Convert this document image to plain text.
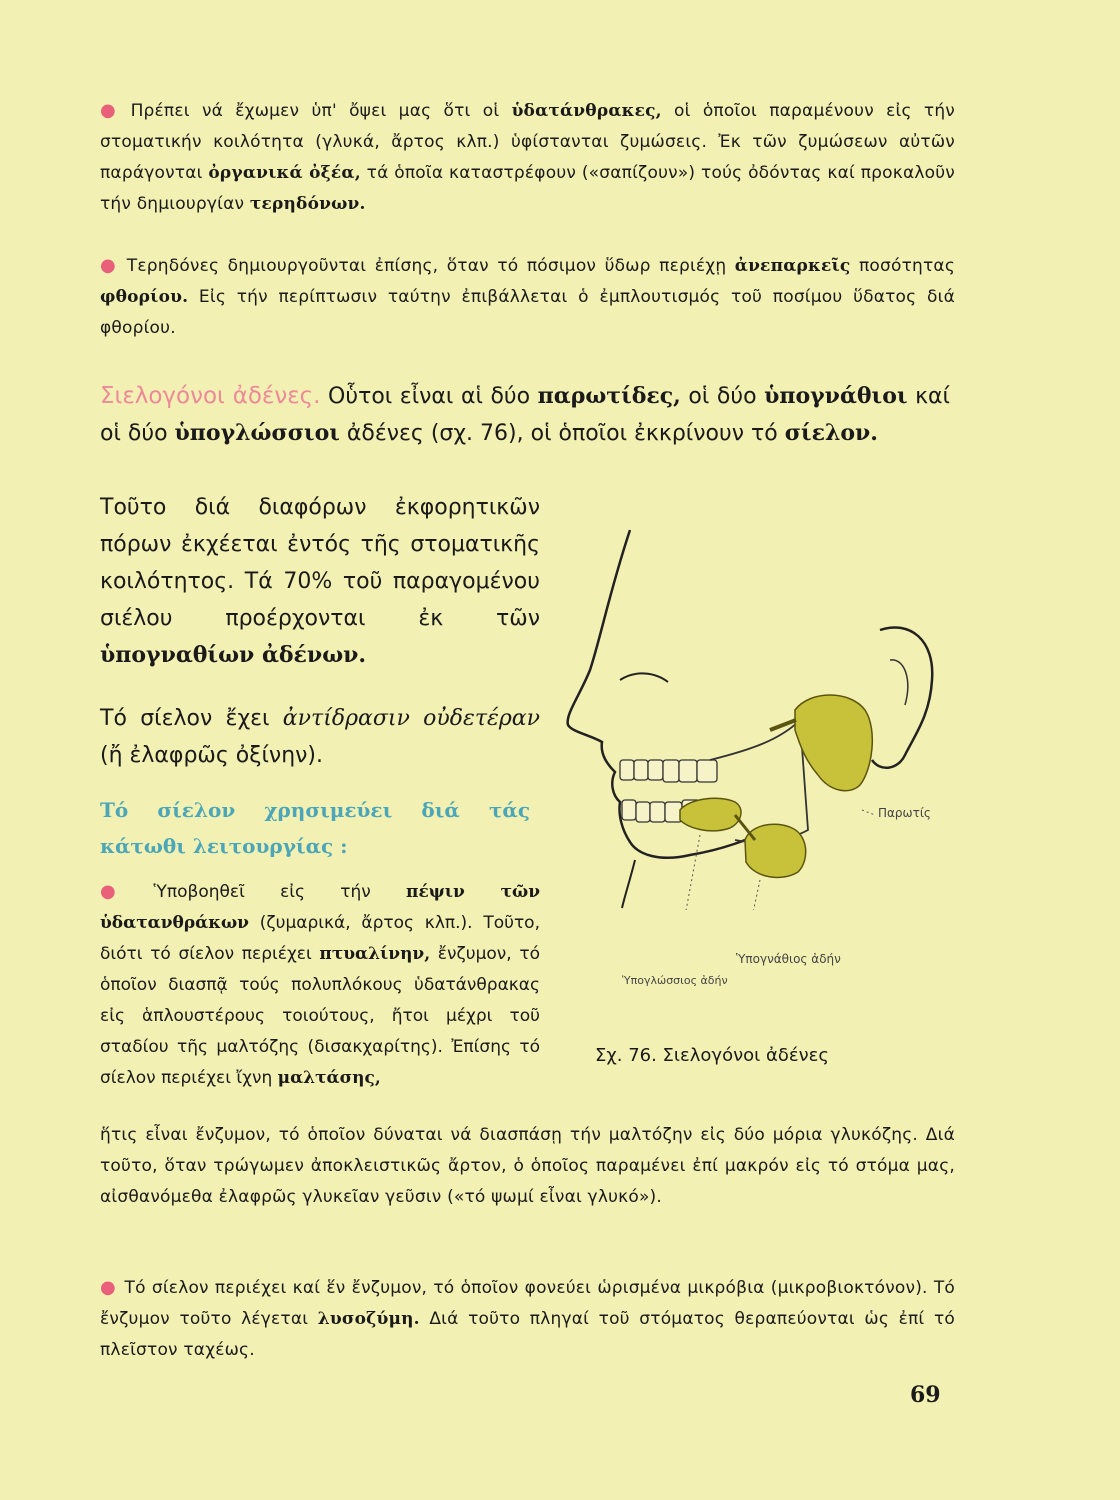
● Πρέπει νά ἔχωμεν ὑπ' ὄψει μας ὅτι οἱ ὑδατάνθρακες, οἱ ὁποῖοι παραμένουν εἰς τήν στοματικήν κοιλότητα (γλυκά, ἄρτος κλπ.) ὑφίστανται ζυμώσεις. Ἐκ τῶν ζυμώσεων αὐτῶν παράγονται ὀργανικά ὀξέα, τά ὁποῖα καταστρέφουν («σαπίζουν») τούς ὀδόντας καί προκαλοῦν τήν δημιουργίαν τερηδόνων.
● Τερηδόνες δημιουργοῦνται ἐπίσης, ὅταν τό πόσιμον ὕδωρ περιέχῃ ἀνεπαρκεῖς ποσότητας φθορίου. Εἰς τήν περίπτωσιν ταύτην ἐπιβάλλεται ὁ ἐμπλουτισμός τοῦ ποσίμου ὕδατος διά φθορίου.
Σιελογόνοι ἀδένες. Οὗτοι εἶναι αἱ δύο παρωτίδες, οἱ δύο ὑπογνάθιοι καί οἱ δύο ὑπογλώσσιοι ἀδένες (σχ. 76), οἱ ὁποῖοι ἐκκρίνουν τό σίελον.
Τοῦτο διά διαφόρων ἐκφορητικῶν πόρων ἐκχέεται ἐντός τῆς στοματικῆς κοιλότητος. Τά 70% τοῦ παραγομένου σιέλου προέρχονται ἐκ τῶν ὑπογναθίων ἀδένων.
Τό σίελον ἔχει ἀντίδρασιν οὐδετέραν (ἤ ἐλαφρῶς ὀξίνην).
Τό σίελον χρησιμεύει διά τάς κάτωθι λειτουργίας :
● Ὑποβοηθεῖ εἰς τήν πέψιν τῶν ὑδατανθράκων (ζυμαρικά, ἄρτος κλπ.). Τοῦτο, διότι τό σίελον περιέχει πτυαλίνην, ἔνζυμον, τό ὁποῖον διασπᾷ τούς πολυπλόκους ὑδατάνθρακας εἰς ἁπλουστέρους τοιούτους, ἤτοι μέχρι τοῦ σταδίου τῆς μαλτόζης (δισακχαρίτης). Ἐπίσης τό σίελον περιέχει ἴχνη μαλτάσης,
ἥτις εἶναι ἔνζυμον, τό ὁποῖον δύναται νά διασπάσῃ τήν μαλτόζην εἰς δύο μόρια γλυκόζης. Διά τοῦτο, ὅταν τρώγωμεν ἀποκλειστικῶς ἄρτον, ὁ ὁποῖος παραμένει ἐπί μακρόν εἰς τό στόμα μας, αἰσθανόμεθα ἐλαφρῶς γλυκεῖαν γεῦσιν («τό ψωμί εἶναι γλυκό»).
● Τό σίελον περιέχει καί ἕν ἔνζυμον, τό ὁποῖον φονεύει ὡρισμένα μικρόβια (μικροβιοκτόνον). Τό ἔνζυμον τοῦτο λέγεται λυσοζύμη. Διά τοῦτο πληγαί τοῦ στόματος θεραπεύονται ὡς ἐπί τό πλεῖστον ταχέως.
Παρωτίς
Ὑπογνάθιος ἀδήν
Ὑπογλώσσιος ἀδήν
Σχ. 76. Σιελογόνοι ἀδένες
69
